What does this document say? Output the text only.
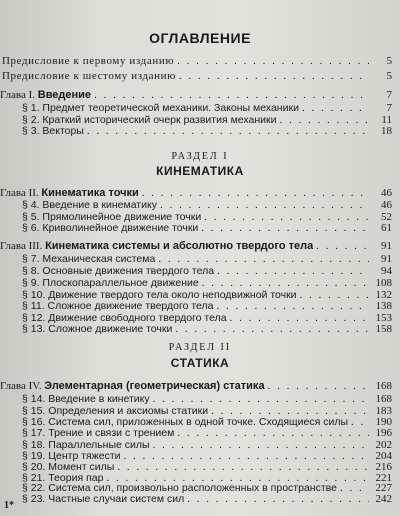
ОГЛАВЛЕНИЕ
Предисловие к первому изданию . . .	5
Предисловие к шестому изданию . . .	5
Глава I. Введение . . .	7
§ 1. Предмет теоретической механики. Законы механики . . .	7
§ 2. Краткий исторический очерк развития механики . . .	11
§ 3. Векторы . . .	18
РАЗДЕЛ I
КИНЕМАТИКА
Глава II. Кинематика точки . . .	46
§ 4. Введение в кинематику . . .	46
§ 5. Прямолинейное движение точки . . .	52
§ 6. Криволинейное движение точки . . .	61
Глава III. Кинематика системы и абсолютно твердого тела . . .	91
§ 7. Механическая система . . .	91
§ 8. Основные движения твердого тела . . .	94
§ 9. Плоскопараллельное движение . . .	108
§ 10. Движение твердого тела около неподвижной точки . . .	132
§ 11. Сложное движение твердого тела . . .	138
§ 12. Движение свободного твердого тела . . .	153
§ 13. Сложное движение точки . . .	158
РАЗДЕЛ II
СТАТИКА
Глава IV. Элементарная (геометрическая) статика . . .	168
§ 14. Введение в кинетику . . .	168
§ 15. Определения и аксиомы статики . . .	183
§ 16. Система сил, приложенных в одной точке. Сходящиеся силы . . .	190
§ 17. Трение и связи с трением . . .	196
§ 18. Параллельные силы . . .	202
§ 19. Центр тяжести . . .	204
§ 20. Момент силы . . .	216
§ 21. Теория пар . . .	221
§ 22. Система сил, произвольно расположенных в пространстве . . .	227
§ 23. Частные случаи систем сил . . .	242
1*
